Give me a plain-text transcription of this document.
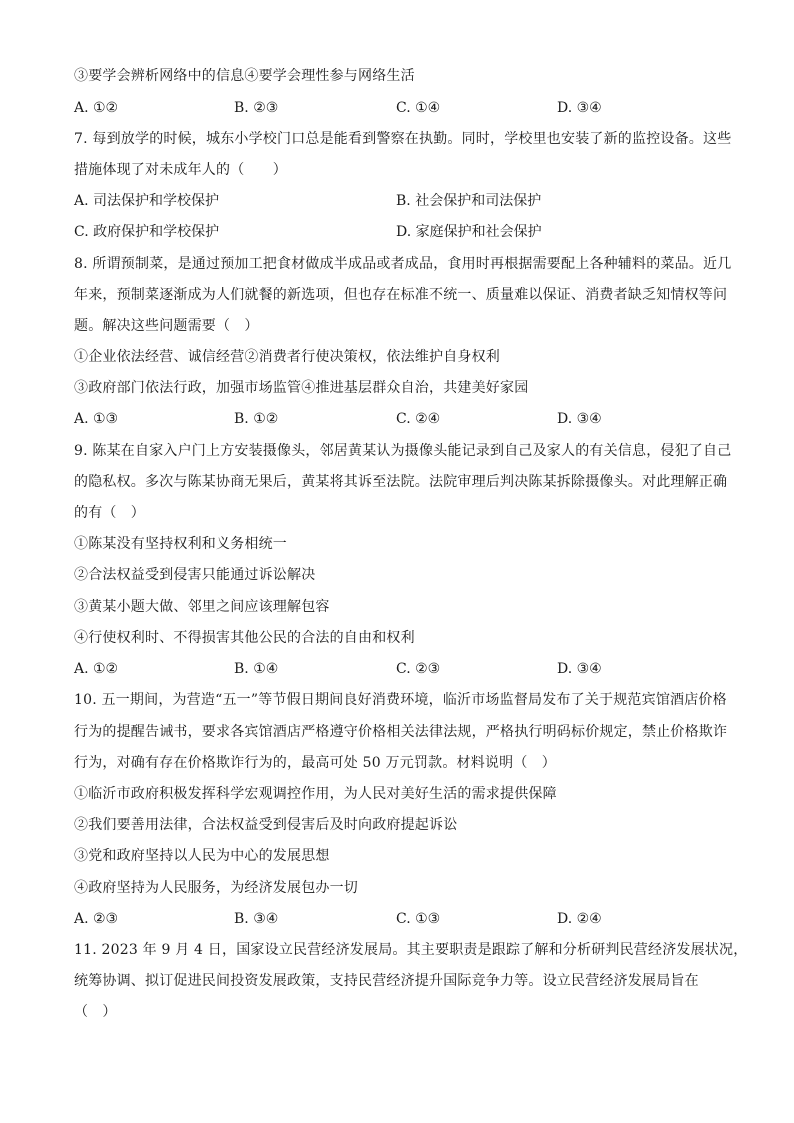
③要学会辨析网络中的信息④要学会理性参与网络生活
A. ①②	B. ②③	C. ①④	D. ③④
7. 每到放学的时候，城东小学校门口总是能看到警察在执勤。同时，学校里也安装了新的监控设备。这些
措施体现了对未成年人的（　　）
A. 司法保护和学校保护	B. 社会保护和司法保护
C. 政府保护和学校保护	D. 家庭保护和社会保护
8. 所谓预制菜，是通过预加工把食材做成半成品或者成品，食用时再根据需要配上各种辅料的菜品。近几
年来，预制菜逐渐成为人们就餐的新选项，但也存在标准不统一、质量难以保证、消费者缺乏知情权等问
题。解决这些问题需要（　）
①企业依法经营、诚信经营②消费者行使决策权，依法维护自身权利
③政府部门依法行政，加强市场监管④推进基层群众自治，共建美好家园
A. ①③	B. ①②	C. ②④	D. ③④
9. 陈某在自家入户门上方安装摄像头，邻居黄某认为摄像头能记录到自己及家人的有关信息，侵犯了自己
的隐私权。多次与陈某协商无果后，黄某将其诉至法院。法院审理后判决陈某拆除摄像头。对此理解正确
的有（　）
①陈某没有坚持权利和义务相统一
②合法权益受到侵害只能通过诉讼解决
③黄某小题大做、邻里之间应该理解包容
④行使权利时、不得损害其他公民的合法的自由和权利
A. ①②	B. ①④	C. ②③	D. ③④
10. 五一期间，为营造“五一”等节假日期间良好消费环境，临沂市场监督局发布了关于规范宾馆酒店价格
行为的提醒告诫书，要求各宾馆酒店严格遵守价格相关法律法规，严格执行明码标价规定，禁止价格欺诈
行为，对确有存在价格欺诈行为的，最高可处 50 万元罚款。材料说明（　）
①临沂市政府积极发挥科学宏观调控作用，为人民对美好生活的需求提供保障
②我们要善用法律，合法权益受到侵害后及时向政府提起诉讼
③党和政府坚持以人民为中心的发展思想
④政府坚持为人民服务，为经济发展包办一切
A. ②③	B. ③④	C. ①③	D. ②④
11. 2023 年 9 月 4 日，国家设立民营经济发展局。其主要职责是跟踪了解和分析研判民营经济发展状况，
统筹协调、拟订促进民间投资发展政策，支持民营经济提升国际竞争力等。设立民营经济发展局旨在
（　）
